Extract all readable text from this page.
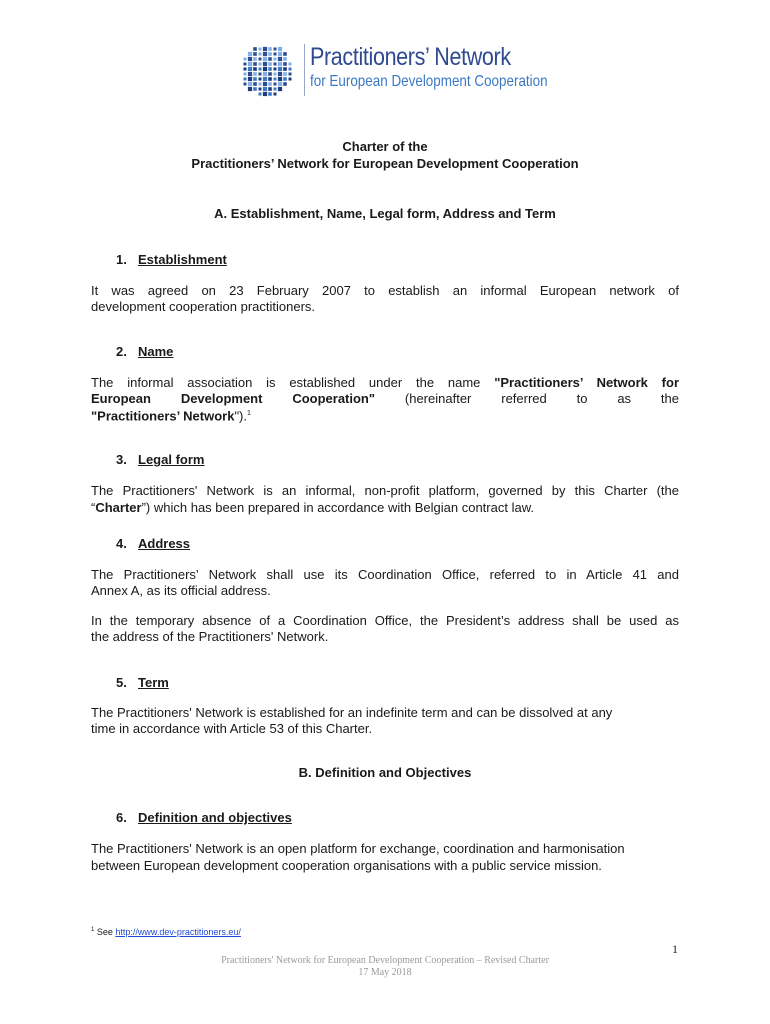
Practitioners’ Network
for European Development Cooperation
Charter of the
Practitioners’ Network for European Development Cooperation
A. Establishment, Name, Legal form, Address and Term
1. Establishment
It was agreed on 23 February 2007 to establish an informal European network of
development cooperation practitioners.
2. Name
The informal association is established under the name "Practitioners’ Network for
European Development Cooperation" (hereinafter referred to as the
"Practitioners’ Network").$^1$
3. Legal form
The Practitioners' Network is an informal, non-profit platform, governed by this Charter (the
“Charter”) which has been prepared in accordance with Belgian contract law.
4. Address
The Practitioners’ Network shall use its Coordination Office, referred to in Article 41 and
Annex A, as its official address.
In the temporary absence of a Coordination Office, the President’s address shall be used as
the address of the Practitioners' Network.
5. Term
The Practitioners' Network is established for an indefinite term and can be dissolved at any
time in accordance with Article 53 of this Charter.
B. Definition and Objectives
6. Definition and objectives
The Practitioners' Network is an open platform for exchange, coordination and harmonisation
between European development cooperation organisations with a public service mission.
$^1$ See http://www.dev-practitioners.eu/
1
Practitioners' Network for European Development Cooperation – Revised Charter
17 May 2018
